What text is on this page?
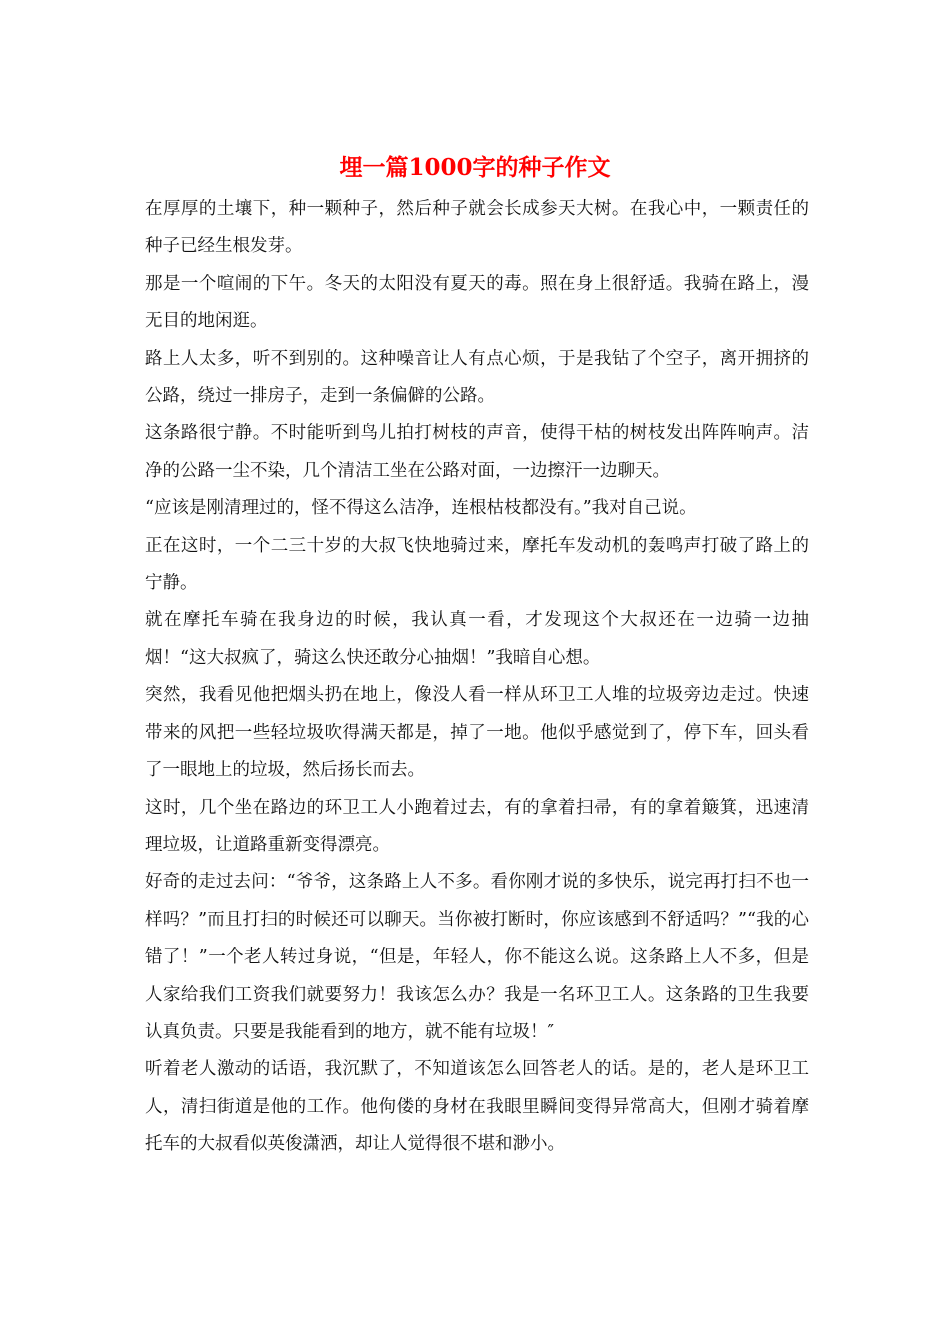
埋一篇1000字的种子作文

在厚厚的土壤下，种一颗种子，然后种子就会长成参天大树。在我心中，一颗责任的种子已经生根发芽。

那是一个喧闹的下午。冬天的太阳没有夏天的毒。照在身上很舒适。我骑在路上，漫无目的地闲逛。

路上人太多，听不到别的。这种噪音让人有点心烦，于是我钻了个空子，离开拥挤的公路，绕过一排房子，走到一条偏僻的公路。

这条路很宁静。不时能听到鸟儿拍打树枝的声音，使得干枯的树枝发出阵阵响声。洁净的公路一尘不染，几个清洁工坐在公路对面，一边擦汗一边聊天。

“应该是刚清理过的，怪不得这么洁净，连根枯枝都没有。”我对自己说。

正在这时，一个二三十岁的大叔飞快地骑过来，摩托车发动机的轰鸣声打破了路上的宁静。

就在摩托车骑在我身边的时候，我认真一看，才发现这个大叔还在一边骑一边抽烟！“这大叔疯了，骑这么快还敢分心抽烟！”我暗自心想。

突然，我看见他把烟头扔在地上，像没人看一样从环卫工人堆的垃圾旁边走过。快速带来的风把一些轻垃圾吹得满天都是，掉了一地。他似乎感觉到了，停下车，回头看了一眼地上的垃圾，然后扬长而去。

这时，几个坐在路边的环卫工人小跑着过去，有的拿着扫帚，有的拿着簸箕，迅速清理垃圾，让道路重新变得漂亮。

好奇的走过去问：“爷爷，这条路上人不多。看你刚才说的多快乐，说完再打扫不也一样吗？”而且打扫的时候还可以聊天。当你被打断时，你应该感到不舒适吗？”“我的心错了！”一个老人转过身说，“但是，年轻人，你不能这么说。这条路上人不多，但是人家给我们工资我们就要努力！我该怎么办？我是一名环卫工人。这条路的卫生我要认真负责。只要是我能看到的地方，就不能有垃圾！″

听着老人激动的话语，我沉默了，不知道该怎么回答老人的话。是的，老人是环卫工人，清扫街道是他的工作。他佝偻的身材在我眼里瞬间变得异常高大，但刚才骑着摩托车的大叔看似英俊潇洒，却让人觉得很不堪和渺小。
